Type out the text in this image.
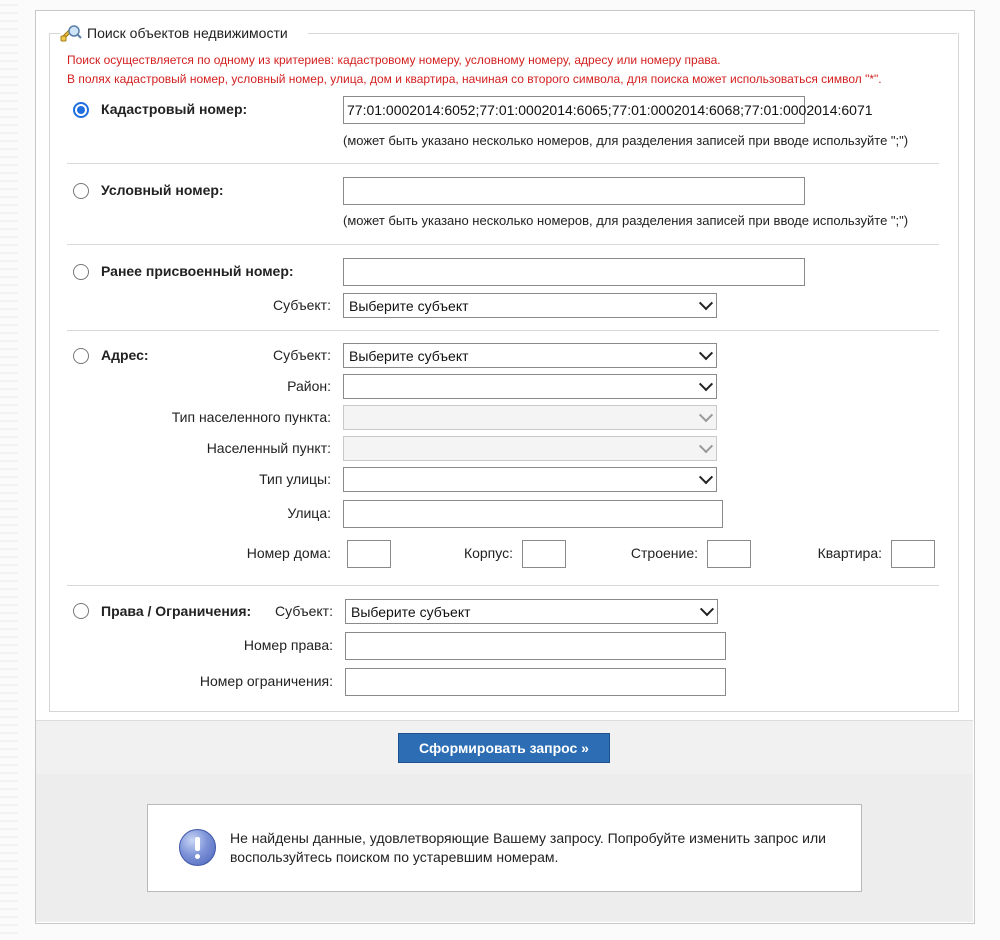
Поиск объектов недвижимости
Поиск осуществляется по одному из критериев: кадастровому номеру, условному номеру, адресу или номеру права.
В полях кадастровый номер, условный номер, улица, дом и квартира, начиная со второго символа, для поиска может использоваться символ "*".
Кадастровый номер:	77:01:0002014:6052;77:01:0002014:6065;77:01:0002014:6068;77:01:0002014:6071
(может быть указано несколько номеров, для разделения записей при вводе используйте ";")
Условный номер:
(может быть указано несколько номеров, для разделения записей при вводе используйте ";")
Ранее присвоенный номер:
Субъект: Выберите субъект
Адрес:	Субъект: Выберите субъект
Район:
Тип населенного пункта:
Населенный пункт:
Тип улицы:
Улица:
Номер дома:	Корпус:	Строение:	Квартира:
Права / Ограничения:	Субъект: Выберите субъект
Номер права:
Номер ограничения:
Сформировать запрос »
Не найдены данные, удовлетворяющие Вашему запросу. Попробуйте изменить запрос или воспользуйтесь поиском по устаревшим номерам.
